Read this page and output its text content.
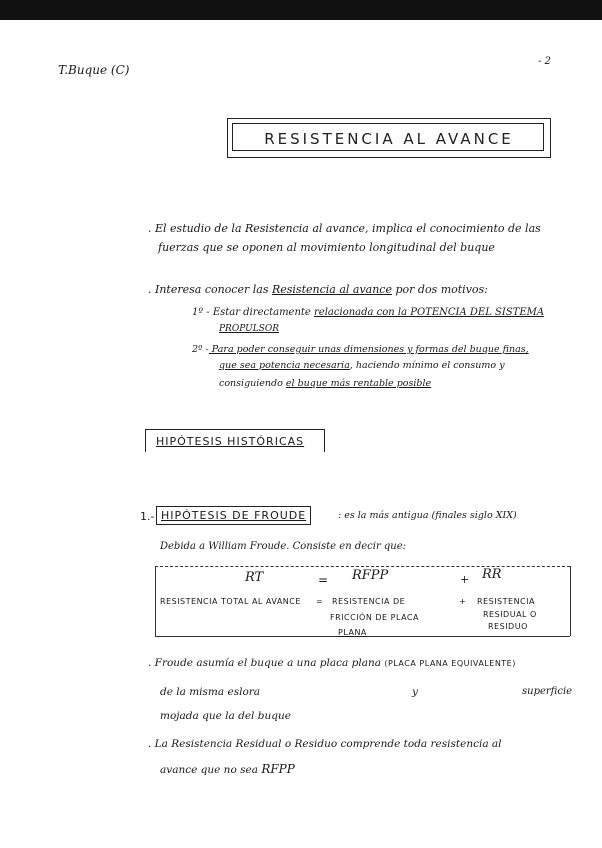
T.Buque (C)
- 2
RESISTENCIA AL AVANCE
. El estudio de la Resistencia al avance, implica el conocimiento de las
fuerzas que se oponen al movimiento longitudinal del buque
. Interesa conocer las Resistencia al avance por dos motivos:
1º - Estar directamente relacionada con la POTENCIA DEL SISTEMA
PROPULSOR
2º - Para poder conseguir unas dimensiones y formas del buque finas,
que sea potencia necesaria, haciendo mínimo el consumo y
consiguiendo el buque más rentable posible
HIPÓTESIS HISTÓRICAS
1.- HIPÓTESIS DE FROUDE	: es la más antigua (finales siglo XIX)
Debida a William Froude. Consiste en decir que:
RT	= RFPP	+ RR
RESISTENCIA TOTAL AL AVANCE = RESISTENCIA DE
FRICCIÓN DE PLACA
PLANA
+ RESISTENCIA
RESIDUAL O
RESIDUO
. Froude asumía el buque a una placa plana (PLACA PLANA EQUIVALENTE)
de la misma eslora	y	superficie
mojada que la del buque
. La Resistencia Residual o Residuo comprende toda resistencia al
avance que no sea RFPP
